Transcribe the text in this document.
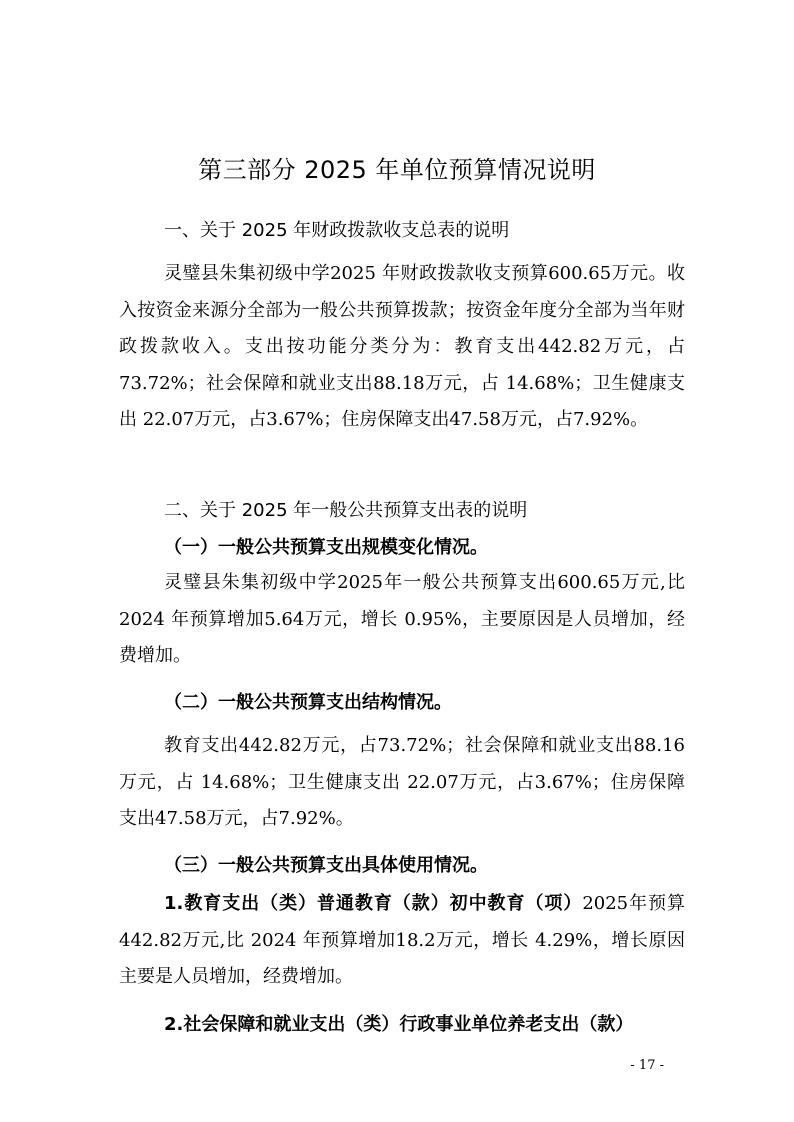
第三部分 2025 年单位预算情况说明
一、关于 2025 年财政拨款收支总表的说明

灵璧县朱集初级中学2025 年财政拨款收支预算600.65万元。收入按资金来源分全部为一般公共预算拨款；按资金年度分全部为当年财政拨款收入。支出按功能分类分为：教育支出442.82万元，占 73.72%；社会保障和就业支出88.18万元，占 14.68%；卫生健康支出 22.07万元，占3.67%；住房保障支出47.58万元，占7.92%。

二、关于 2025 年一般公共预算支出表的说明
（一）一般公共预算支出规模变化情况。

灵璧县朱集初级中学2025年一般公共预算支出600.65万元,比 2024 年预算增加5.64万元，增长 0.95%，主要原因是人员增加，经费增加。

（二）一般公共预算支出结构情况。

教育支出442.82万元，占73.72%；社会保障和就业支出88.16万元，占 14.68%；卫生健康支出 22.07万元，占3.67%；住房保障支出47.58万元，占7.92%。

（三）一般公共预算支出具体使用情况。

1.教育支出（类）普通教育（款）初中教育（项）2025年预算442.82万元,比 2024 年预算增加18.2万元，增长 4.29%，增长原因主要是人员增加，经费增加。

2.社会保障和就业支出（类）行政事业单位养老支出（款）
- 17 -
